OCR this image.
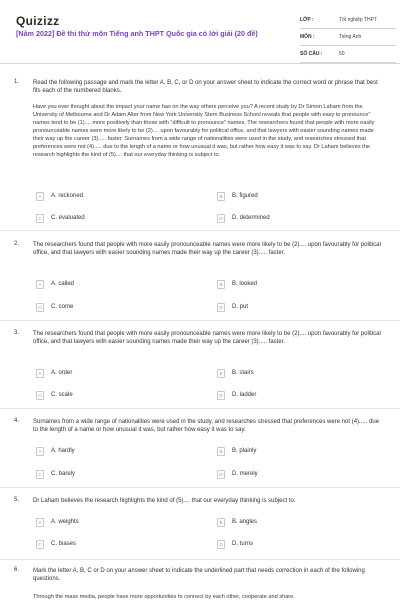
Quizizz
[Năm 2022] Đề thi thử môn Tiếng anh THPT Quốc gia có lời giải (20 đề)
LỚP :	Tốt nghiệp THPT
MÔN :	Tiếng Anh
SỐ CÂU :	50
1. Read the following passage and mark the letter A, B, C, or D on your answer sheet to indicate the correct word or phrase that best fits each of the numbered blanks.
Have you ever thought about the impact your name has on the way others perceive you? A recent study by Dr Simon Laham from the University of Melbourne and Dr Adam Alter from New York University Stern Business School reveals that people with easy to pronounce" names tend to be (1).... more positively than those with "difficult to pronounce" names. The researchers found that people with more easily pronounceable names were more likely to be (2).... upon favourably for political office, and that lawyers with easier sounding names made their way up the career (3)..... faster. Surnames from a wide range of nationalities were used in the study, and researches stressed that preferences were not (4)..... due to the length of a name or how unusual it was, but rather how easy it was to say. Dr Laham believes the research highlights the kind of (5).... that our everyday thinking is subject to.
A	A. reckoned	B	B. figured
C	C. evaluated	D	D. determined
2. The researchers found that people with more easily pronounceable names were more likely to be (2).... upon favourably for political office, and that lawyers with easier sounding names made their way up the career (3)..... faster.
A	A. called	B	B. looked
C	C. come	D	D. put
3. The researchers found that people with more easily pronounceable names were more likely to be (2).... upon favourably for political office, and that lawyers with easier sounding names made their way up the career (3)..... faster.
A	A. order	B	B. stairs
C	C. scale	D	D. ladder
4. Surnames from a wide range of nationalities were used in the study, and researches stressed that preferences were not (4)..... due to the length of a name or how unusual it was, but rather how easy it was to say.
A	A. hardly	B	B. plainly
C	C. barely	D	D. merely
5. Dr Laham believes the research highlights the kind of (5).... that our everyday thinking is subject to.
A	A. weights	B	B. angles
C	C. biases	D	D. turns
6. Mark the letter A, B, C or D on your answer sheet to indicate the underlined part that needs correction in each of the following questions.
Through the mass media, people have more opportunities to connect by each other, cooperate and share.
